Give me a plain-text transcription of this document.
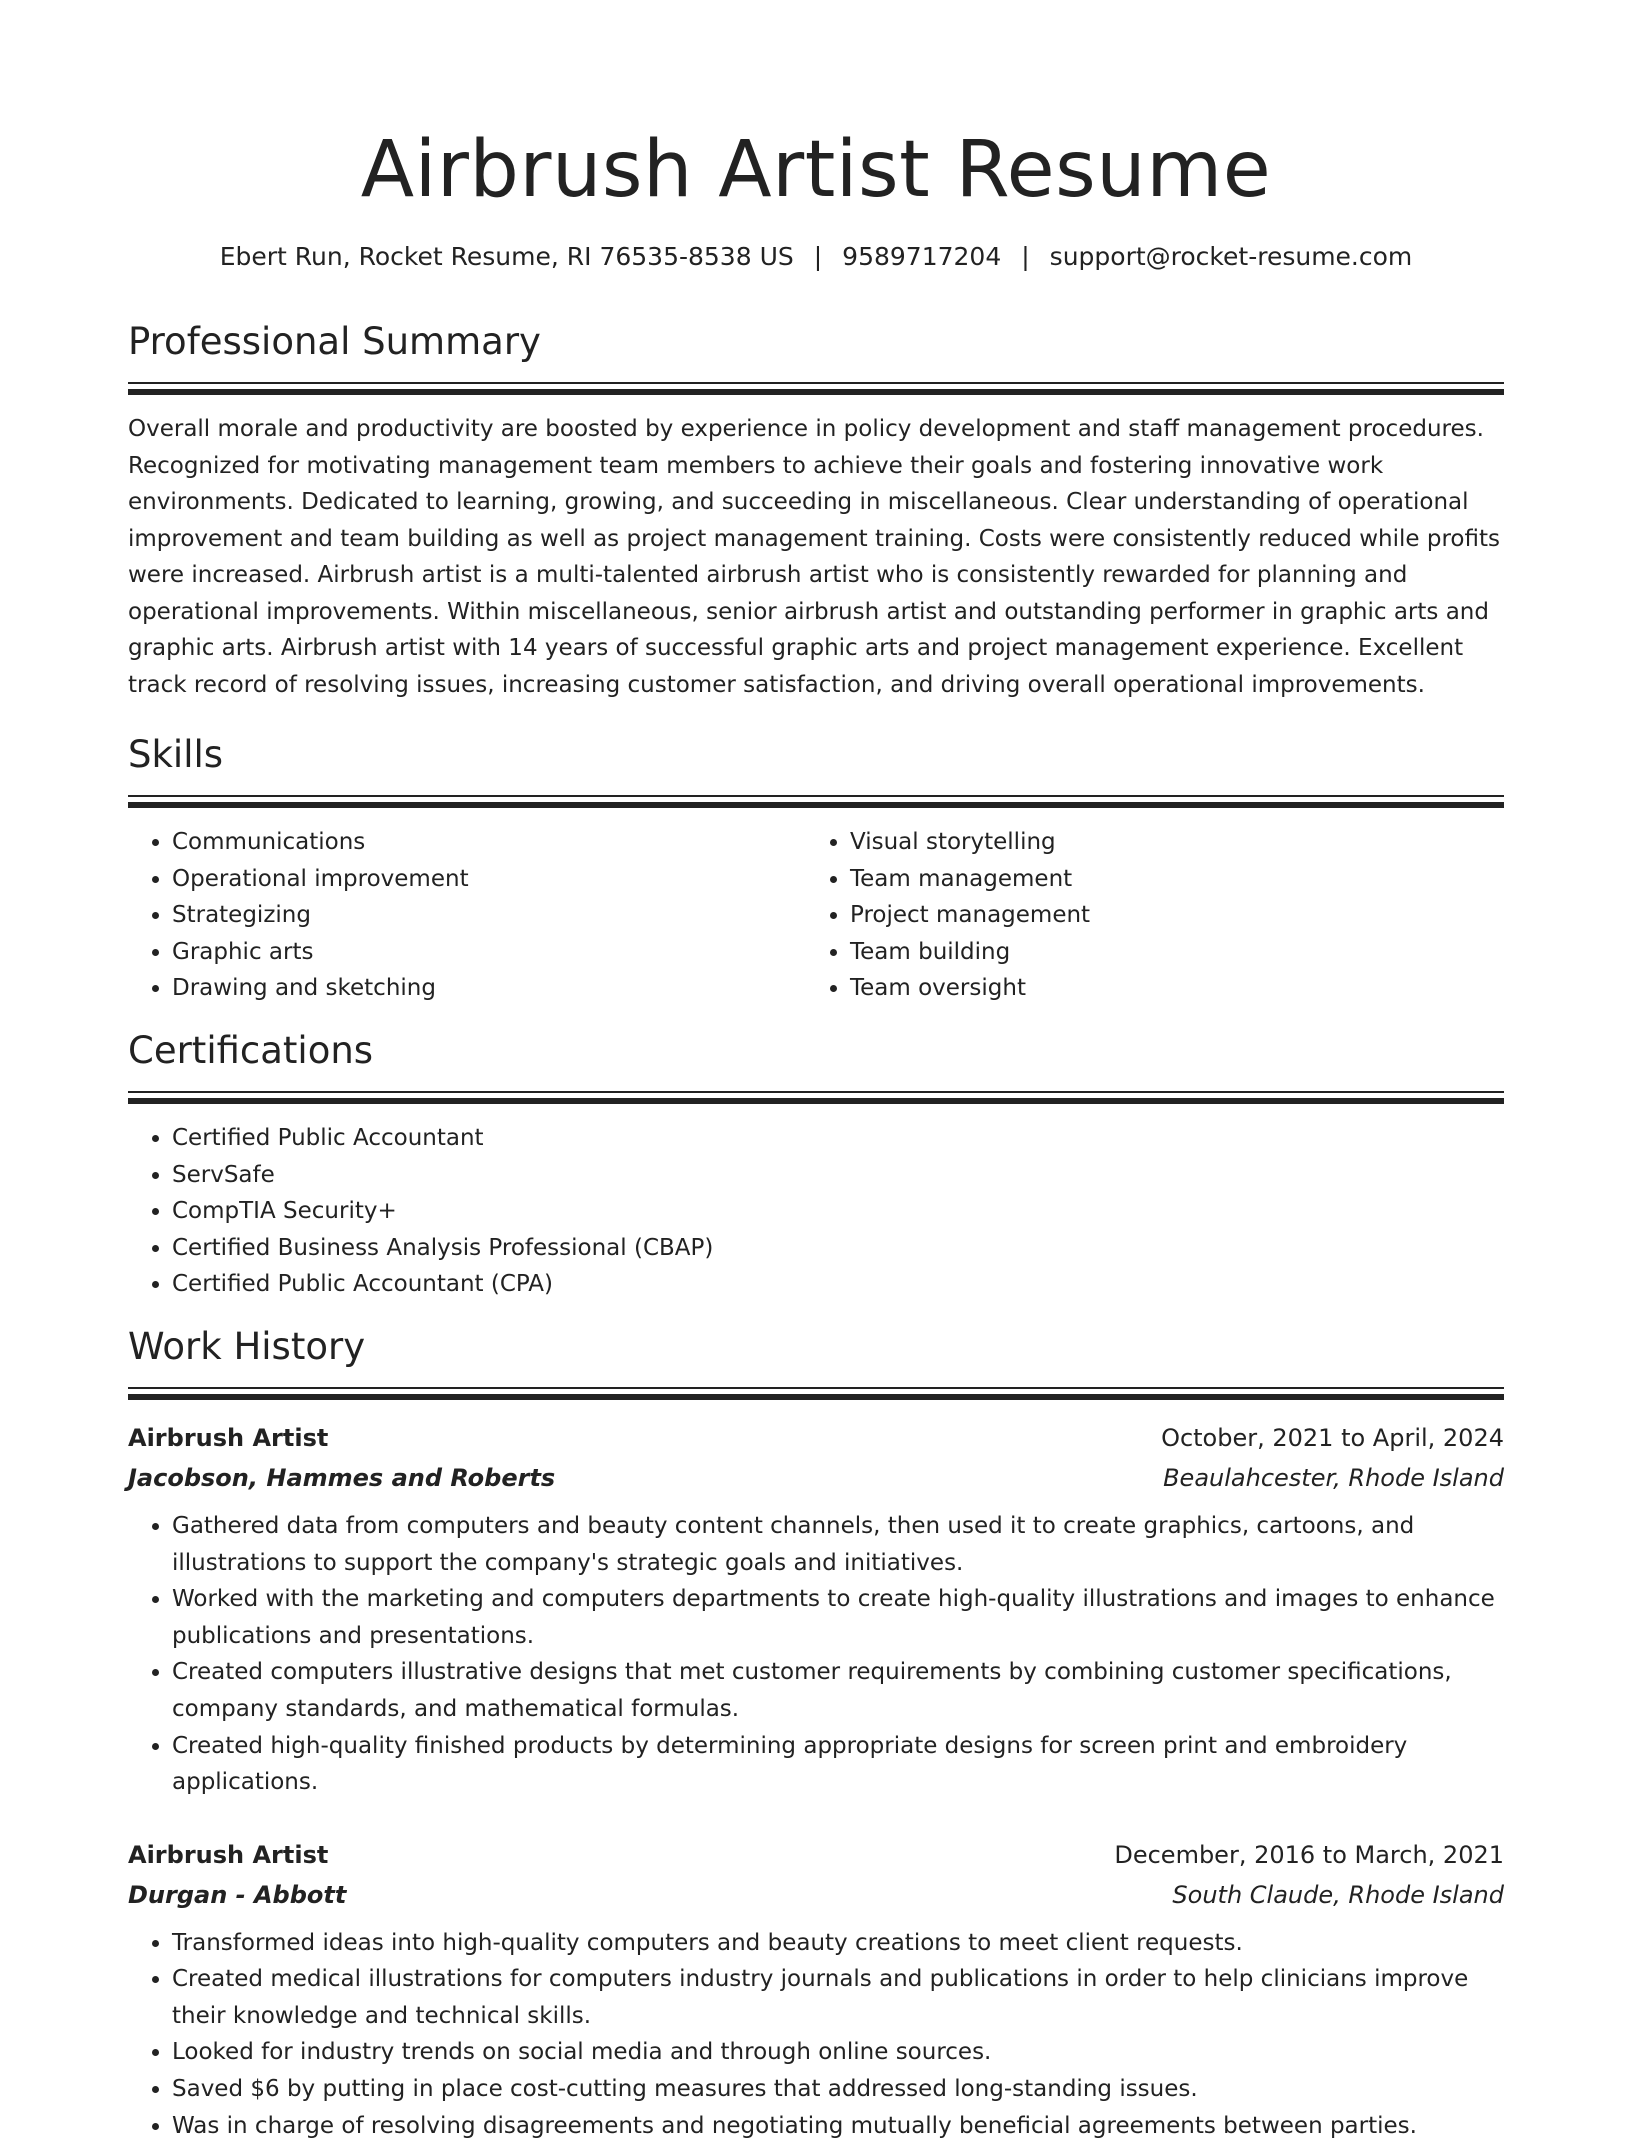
Airbrush Artist Resume
Ebert Run, Rocket Resume, RI 76535-8538 US | 9589717204 | support@rocket-resume.com
Professional Summary

Overall morale and productivity are boosted by experience in policy development and staff management procedures. Recognized for motivating management team members to achieve their goals and fostering innovative work environments. Dedicated to learning, growing, and succeeding in miscellaneous. Clear understanding of operational improvement and team building as well as project management training. Costs were consistently reduced while profits were increased. Airbrush artist is a multi-talented airbrush artist who is consistently rewarded for planning and operational improvements. Within miscellaneous, senior airbrush artist and outstanding performer in graphic arts and graphic arts. Airbrush artist with 14 years of successful graphic arts and project management experience. Excellent track record of resolving issues, increasing customer satisfaction, and driving overall operational improvements.

Skills
• Communications
• Operational improvement
• Strategizing
• Graphic arts
• Drawing and sketching
• Visual storytelling
• Team management
• Project management
• Team building
• Team oversight
Certifications
• Certified Public Accountant
• ServSafe
• CompTIA Security+
• Certified Business Analysis Professional (CBAP)
• Certified Public Accountant (CPA)
Work History
Airbrush Artist	October, 2021 to April, 2024
Jacobson, Hammes and Roberts	Beaulahcester, Rhode Island
• Gathered data from computers and beauty content channels, then used it to create graphics, cartoons, and illustrations to support the company's strategic goals and initiatives.
• Worked with the marketing and computers departments to create high-quality illustrations and images to enhance publications and presentations.
• Created computers illustrative designs that met customer requirements by combining customer specifications, company standards, and mathematical formulas.
• Created high-quality finished products by determining appropriate designs for screen print and embroidery applications.
Airbrush Artist	December, 2016 to March, 2021
Durgan - Abbott	South Claude, Rhode Island
• Transformed ideas into high-quality computers and beauty creations to meet client requests.
• Created medical illustrations for computers industry journals and publications in order to help clinicians improve their knowledge and technical skills.
• Looked for industry trends on social media and through online sources.
• Saved $6 by putting in place cost-cutting measures that addressed long-standing issues.
• Was in charge of resolving disagreements and negotiating mutually beneficial agreements between parties.
